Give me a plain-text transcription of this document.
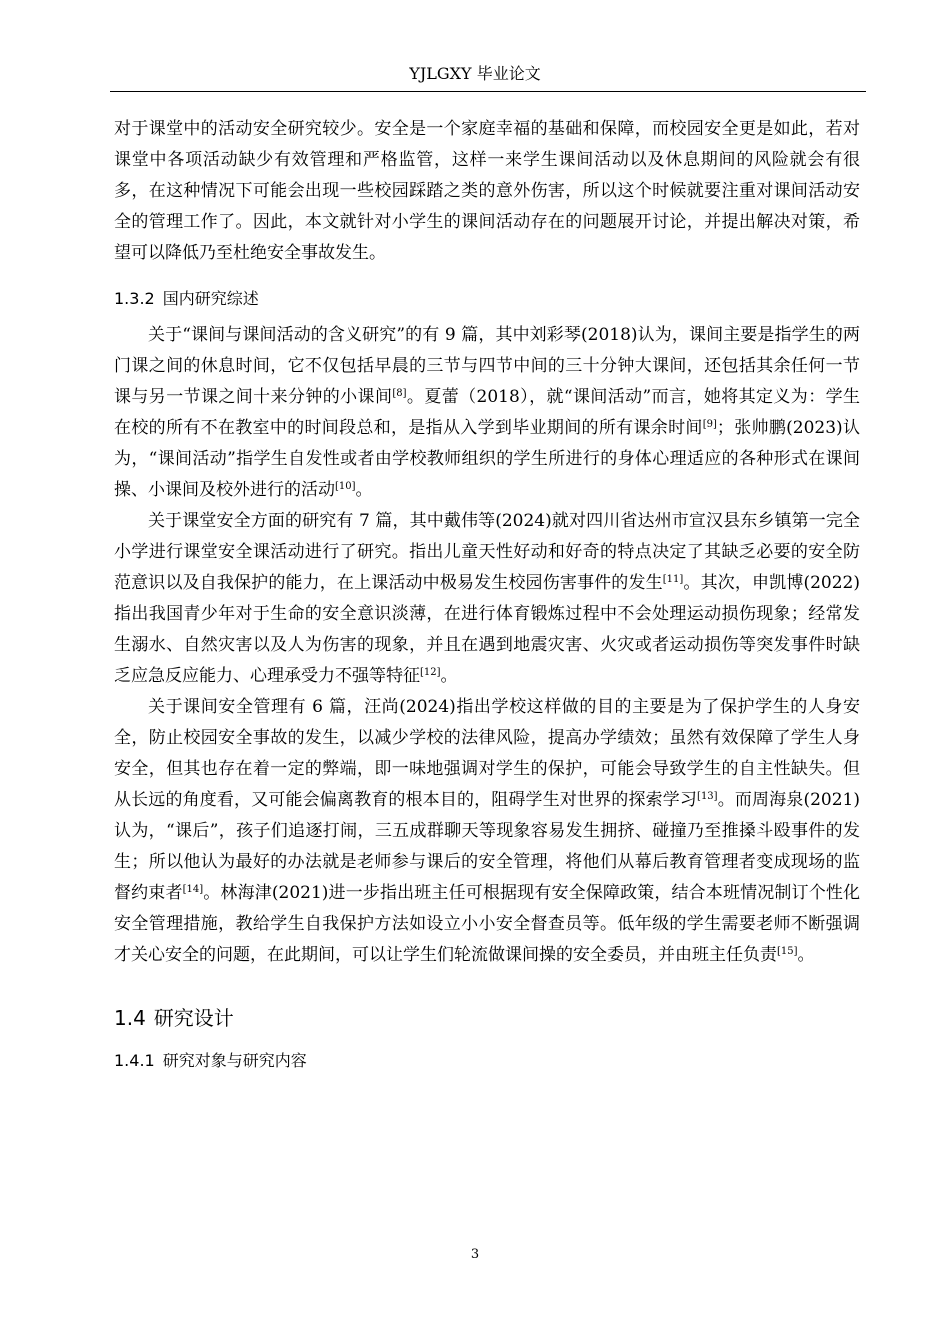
YJLGXY 毕业论文

对于课堂中的活动安全研究较少。安全是一个家庭幸福的基础和保障，而校园安全更是如此，若对课堂中各项活动缺少有效管理和严格监管，这样一来学生课间活动以及休息期间的风险就会有很多，在这种情况下可能会出现一些校园踩踏之类的意外伤害，所以这个时候就要注重对课间活动安全的管理工作了。因此，本文就针对小学生的课间活动存在的问题展开讨论，并提出解决对策，希望可以降低乃至杜绝安全事故发生。

1.3.2 国内研究综述

关于“课间与课间活动的含义研究”的有 9 篇，其中刘彩琴(2018)认为，课间主要是指学生的两门课之间的休息时间，它不仅包括早晨的三节与四节中间的三十分钟大课间，还包括其余任何一节课与另一节课之间十来分钟的小课间[8]。夏蕾（2018），就“课间活动”而言，她将其定义为：学生在校的所有不在教室中的时间段总和，是指从入学到毕业期间的所有课余时间[9]；张帅鹏(2023)认为，“课间活动”指学生自发性或者由学校教师组织的学生所进行的身体心理适应的各种形式在课间操、小课间及校外进行的活动[10]。

关于课堂安全方面的研究有 7 篇，其中戴伟等(2024)就对四川省达州市宣汉县东乡镇第一完全小学进行课堂安全课活动进行了研究。指出儿童天性好动和好奇的特点决定了其缺乏必要的安全防范意识以及自我保护的能力，在上课活动中极易发生校园伤害事件的发生[11]。其次，申凯博(2022)指出我国青少年对于生命的安全意识淡薄，在进行体育锻炼过程中不会处理运动损伤现象；经常发生溺水、自然灾害以及人为伤害的现象，并且在遇到地震灾害、火灾或者运动损伤等突发事件时缺乏应急反应能力、心理承受力不强等特征[12]。

关于课间安全管理有 6 篇，汪尚(2024)指出学校这样做的目的主要是为了保护学生的人身安全，防止校园安全事故的发生，以减少学校的法律风险，提高办学绩效；虽然有效保障了学生人身安全，但其也存在着一定的弊端，即一味地强调对学生的保护，可能会导致学生的自主性缺失。但从长远的角度看，又可能会偏离教育的根本目的，阻碍学生对世界的探索学习[13]。而周海泉(2021)认为，“课后”，孩子们追逐打闹，三五成群聊天等现象容易发生拥挤、碰撞乃至推搡斗殴事件的发生；所以他认为最好的办法就是老师参与课后的安全管理，将他们从幕后教育管理者变成现场的监督约束者[14]。林海津(2021)进一步指出班主任可根据现有安全保障政策，结合本班情况制订个性化安全管理措施，教给学生自我保护方法如设立小小安全督查员等。低年级的学生需要老师不断强调才关心安全的问题，在此期间，可以让学生们轮流做课间操的安全委员，并由班主任负责[15]。

1.4 研究设计
1.4.1 研究对象与研究内容
3
